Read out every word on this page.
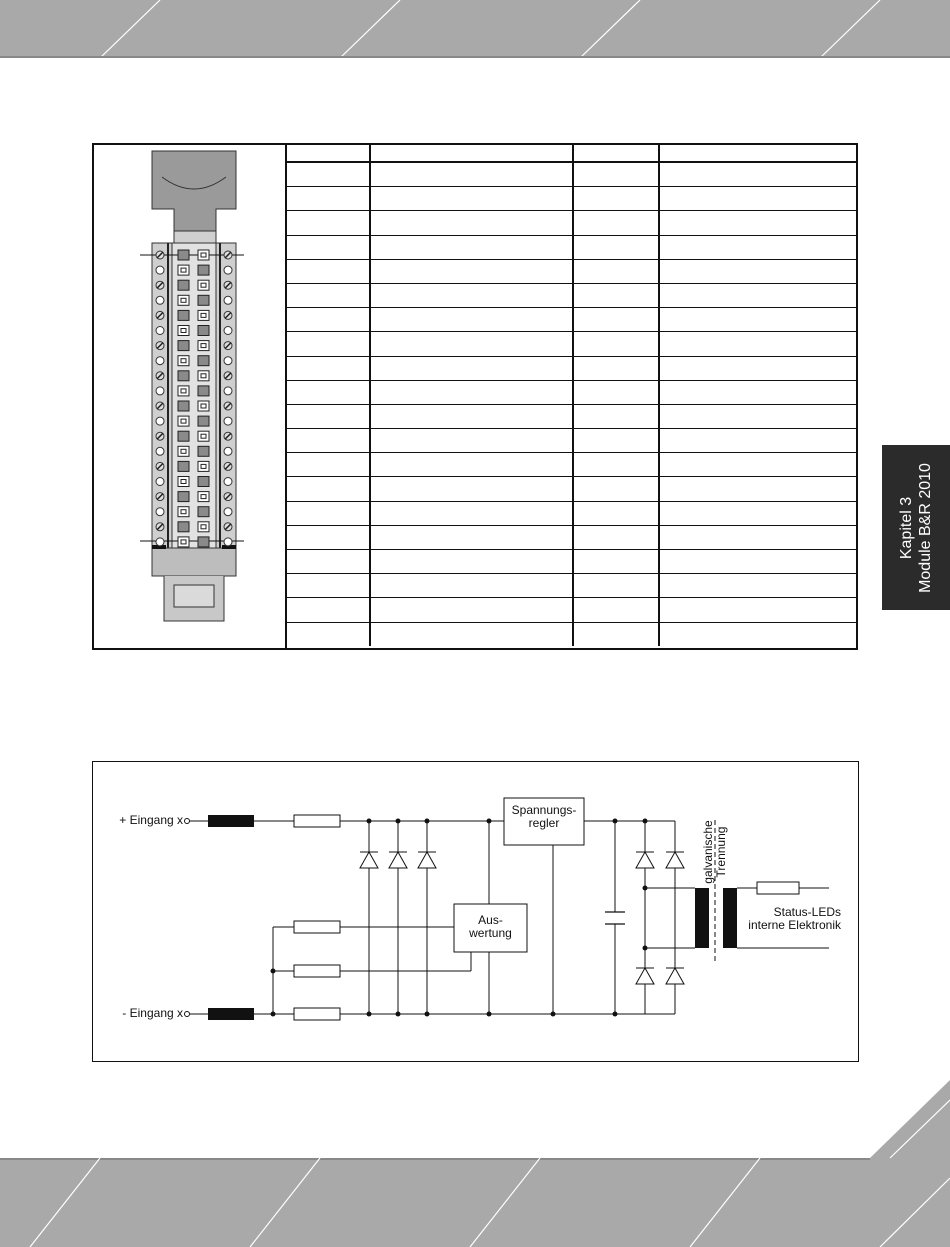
Kapitel 3 Module B&R 2010

+ Eingang x
- Eingang x
Spannungs-
regler
Aus-
wertung
galvanische
Trennung
Status-LEDs
interne Elektronik
